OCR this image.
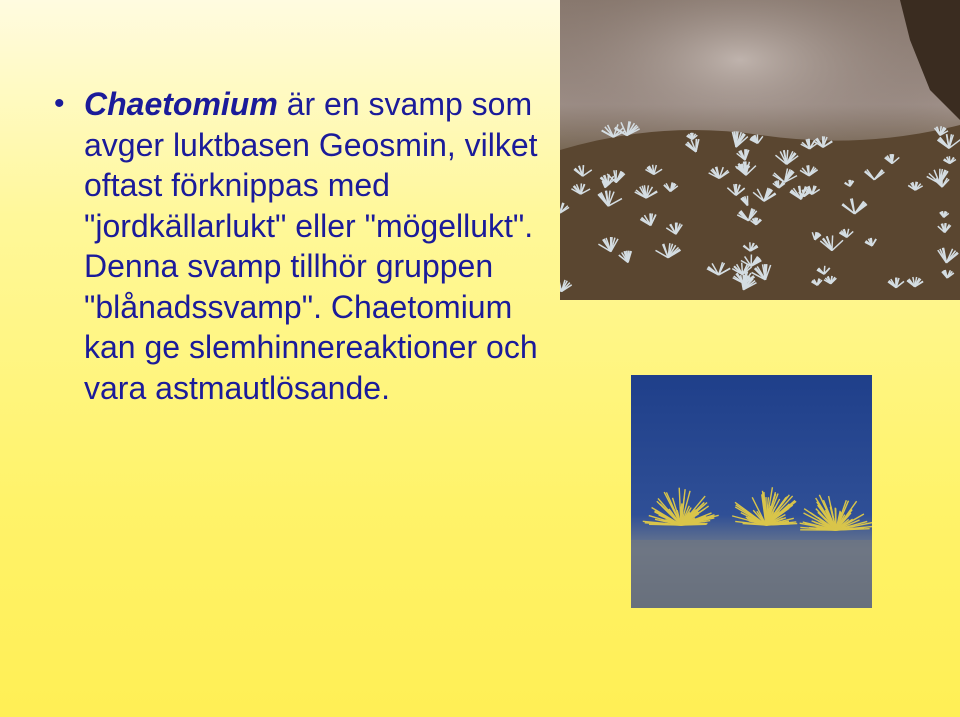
• Chaetomium är en svamp som avger luktbasen Geosmin, vilket oftast förknippas med "jordkällarlukt" eller "mögellukt". Denna svamp tillhör gruppen "blånadssvamp". Chaetomium kan ge slemhinnereaktioner och vara astmautlösande.
